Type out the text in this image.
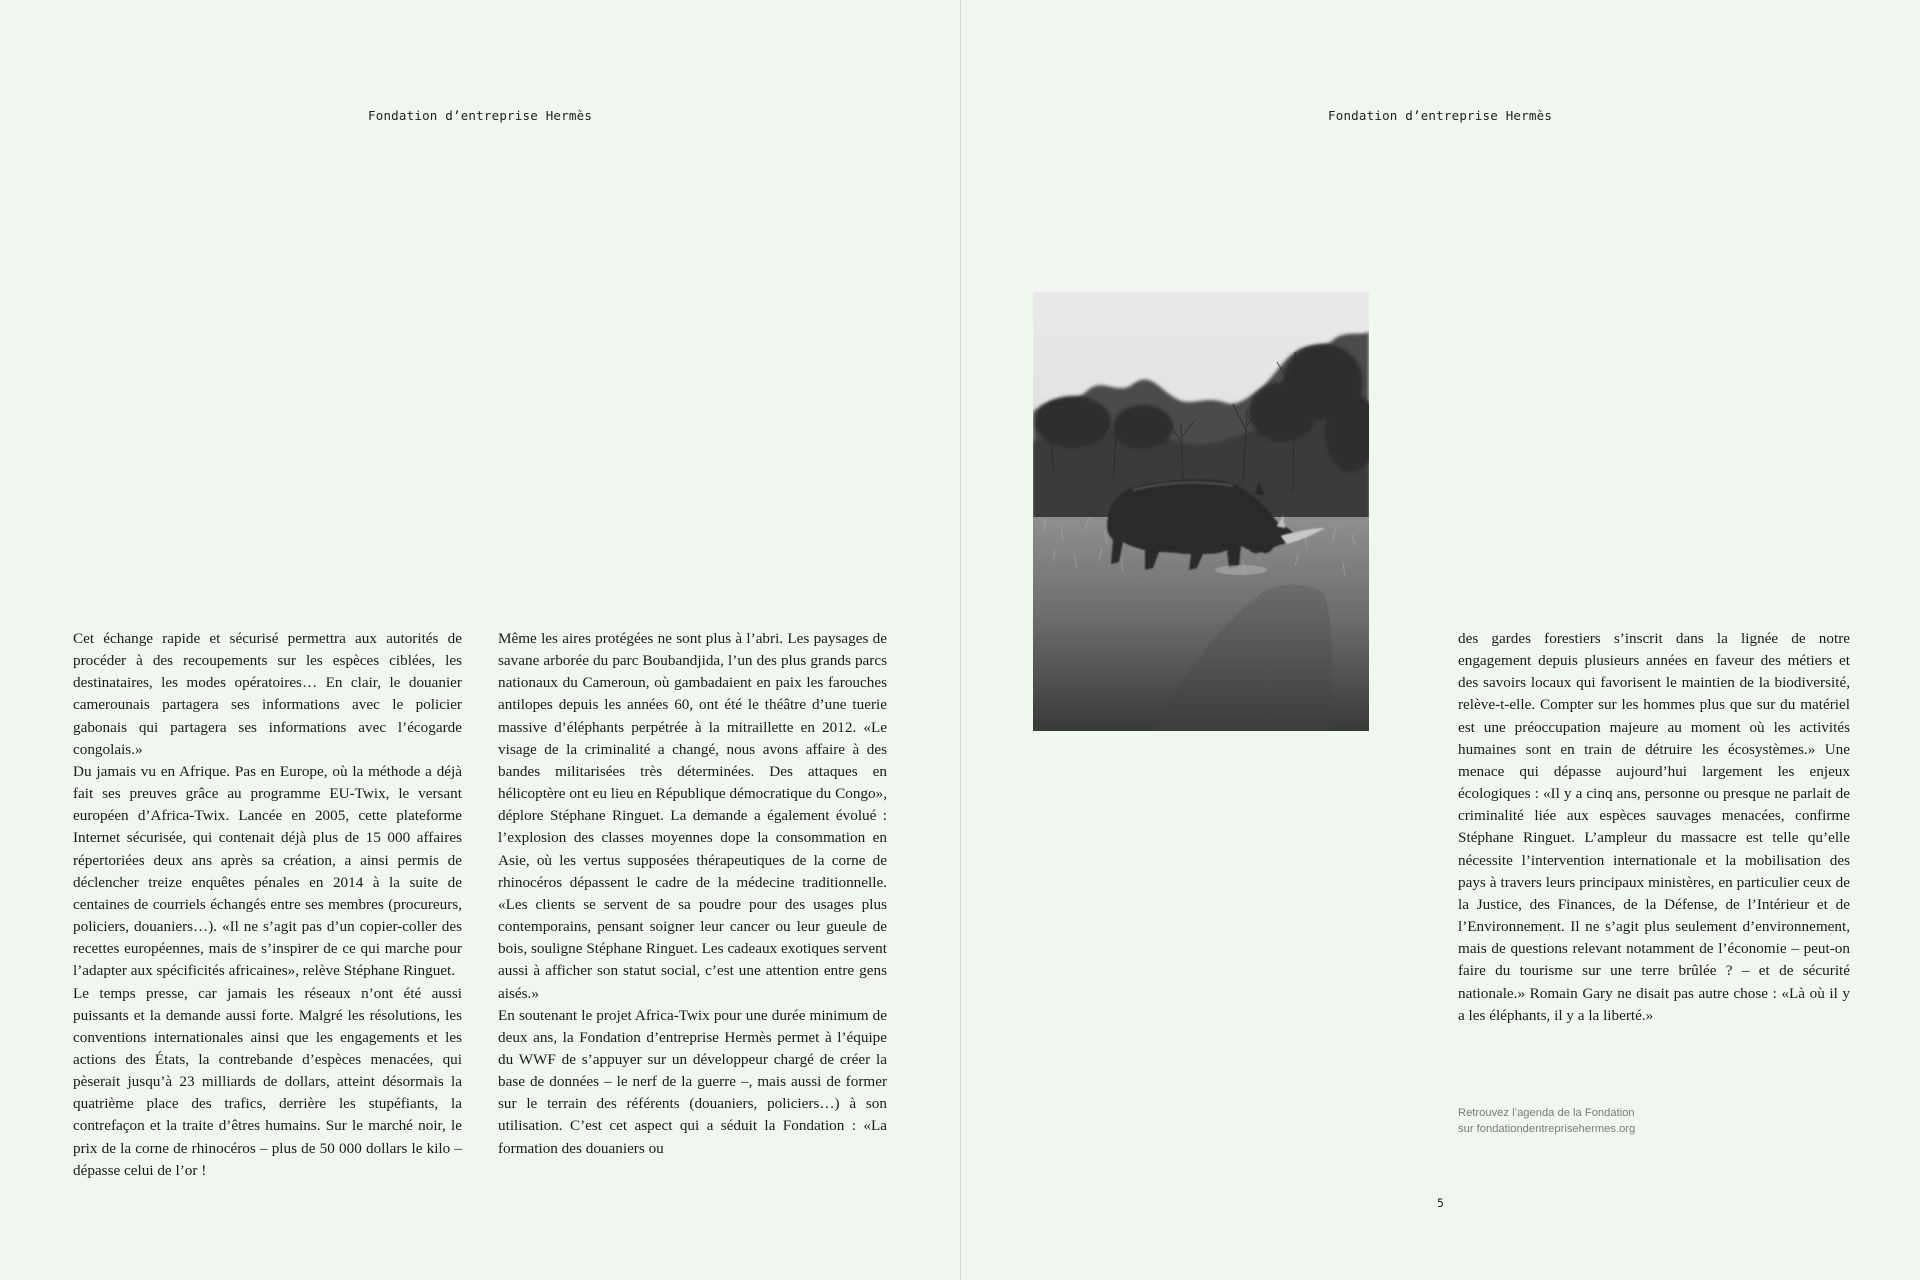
Fondation d’entreprise Hermès

Cet échange rapide et sécurisé permettra aux autorités de procéder à des recoupements sur les espèces ciblées, les destinataires, les modes opératoires… En clair, le douanier camerounais partagera ses informations avec le policier gabonais qui partagera ses informations avec l’écogarde congolais.»

Du jamais vu en Afrique. Pas en Europe, où la méthode a déjà fait ses preuves grâce au programme EU-Twix, le versant européen d’Africa-Twix. Lancée en 2005, cette plateforme Internet sécurisée, qui contenait déjà plus de 15 000 affaires répertoriées deux ans après sa création, a ainsi permis de déclencher treize enquêtes pénales en 2014 à la suite de centaines de courriels échangés entre ses membres (procureurs, policiers, douaniers…). «Il ne s’agit pas d’un copier-coller des recettes européennes, mais de s’inspirer de ce qui marche pour l’adapter aux spécificités africaines», relève Stéphane Ringuet.

Le temps presse, car jamais les réseaux n’ont été aussi puissants et la demande aussi forte. Malgré les résolutions, les conventions internationales ainsi que les engagements et les actions des États, la contrebande d’espèces menacées, qui pèserait jusqu’à 23 milliards de dollars, atteint désormais la quatrième place des trafics, derrière les stupéfiants, la contrefaçon et la traite d’êtres humains. Sur le marché noir, le prix de la corne de rhinocéros – plus de 50 000 dollars le kilo – dépasse celui de l’or !

Même les aires protégées ne sont plus à l’abri. Les paysages de savane arborée du parc Boubandjida, l’un des plus grands parcs nationaux du Cameroun, où gambadaient en paix les farouches antilopes depuis les années 60, ont été le théâtre d’une tuerie massive d’éléphants perpétrée à la mitraillette en 2012. «Le visage de la criminalité a changé, nous avons affaire à des bandes militarisées très déterminées. Des attaques en hélicoptère ont eu lieu en République démocratique du Congo», déplore Stéphane Ringuet. La demande a également évolué : l’explosion des classes moyennes dope la consommation en Asie, où les vertus supposées thérapeutiques de la corne de rhinocéros dépassent le cadre de la médecine traditionnelle. «Les clients se servent de sa poudre pour des usages plus contemporains, pensant soigner leur cancer ou leur gueule de bois, souligne Stéphane Ringuet. Les cadeaux exotiques servent aussi à afficher son statut social, c’est une attention entre gens aisés.»

En soutenant le projet Africa-Twix pour une durée minimum de deux ans, la Fondation d’entreprise Hermès permet à l’équipe du WWF de s’appuyer sur un développeur chargé de créer la base de données – le nerf de la guerre –, mais aussi de former sur le terrain des référents (douaniers, policiers…) à son utilisation. C’est cet aspect qui a séduit la Fondation : «La formation des douaniers ou

Fondation d’entreprise Hermès

des gardes forestiers s’inscrit dans la lignée de notre engagement depuis plusieurs années en faveur des métiers et des savoirs locaux qui favorisent le maintien de la biodiversité, relève-t-elle. Compter sur les hommes plus que sur du matériel est une préoccupation majeure au moment où les activités humaines sont en train de détruire les écosystèmes.» Une menace qui dépasse aujourd’hui largement les enjeux écologiques : «Il y a cinq ans, personne ou presque ne parlait de criminalité liée aux espèces sauvages menacées, confirme Stéphane Ringuet. L’ampleur du massacre est telle qu’elle nécessite l’intervention internationale et la mobilisation des pays à travers leurs principaux ministères, en particulier ceux de la Justice, des Finances, de la Défense, de l’Intérieur et de l’Environnement. Il ne s’agit plus seulement d’environnement, mais de questions relevant notamment de l’économie – peut-on faire du tourisme sur une terre brûlée ? – et de sécurité nationale.» Romain Gary ne disait pas autre chose : «Là où il y a les éléphants, il y a la liberté.»

Retrouvez l’agenda de la Fondation
sur fondationdentreprisehermes.org
5
